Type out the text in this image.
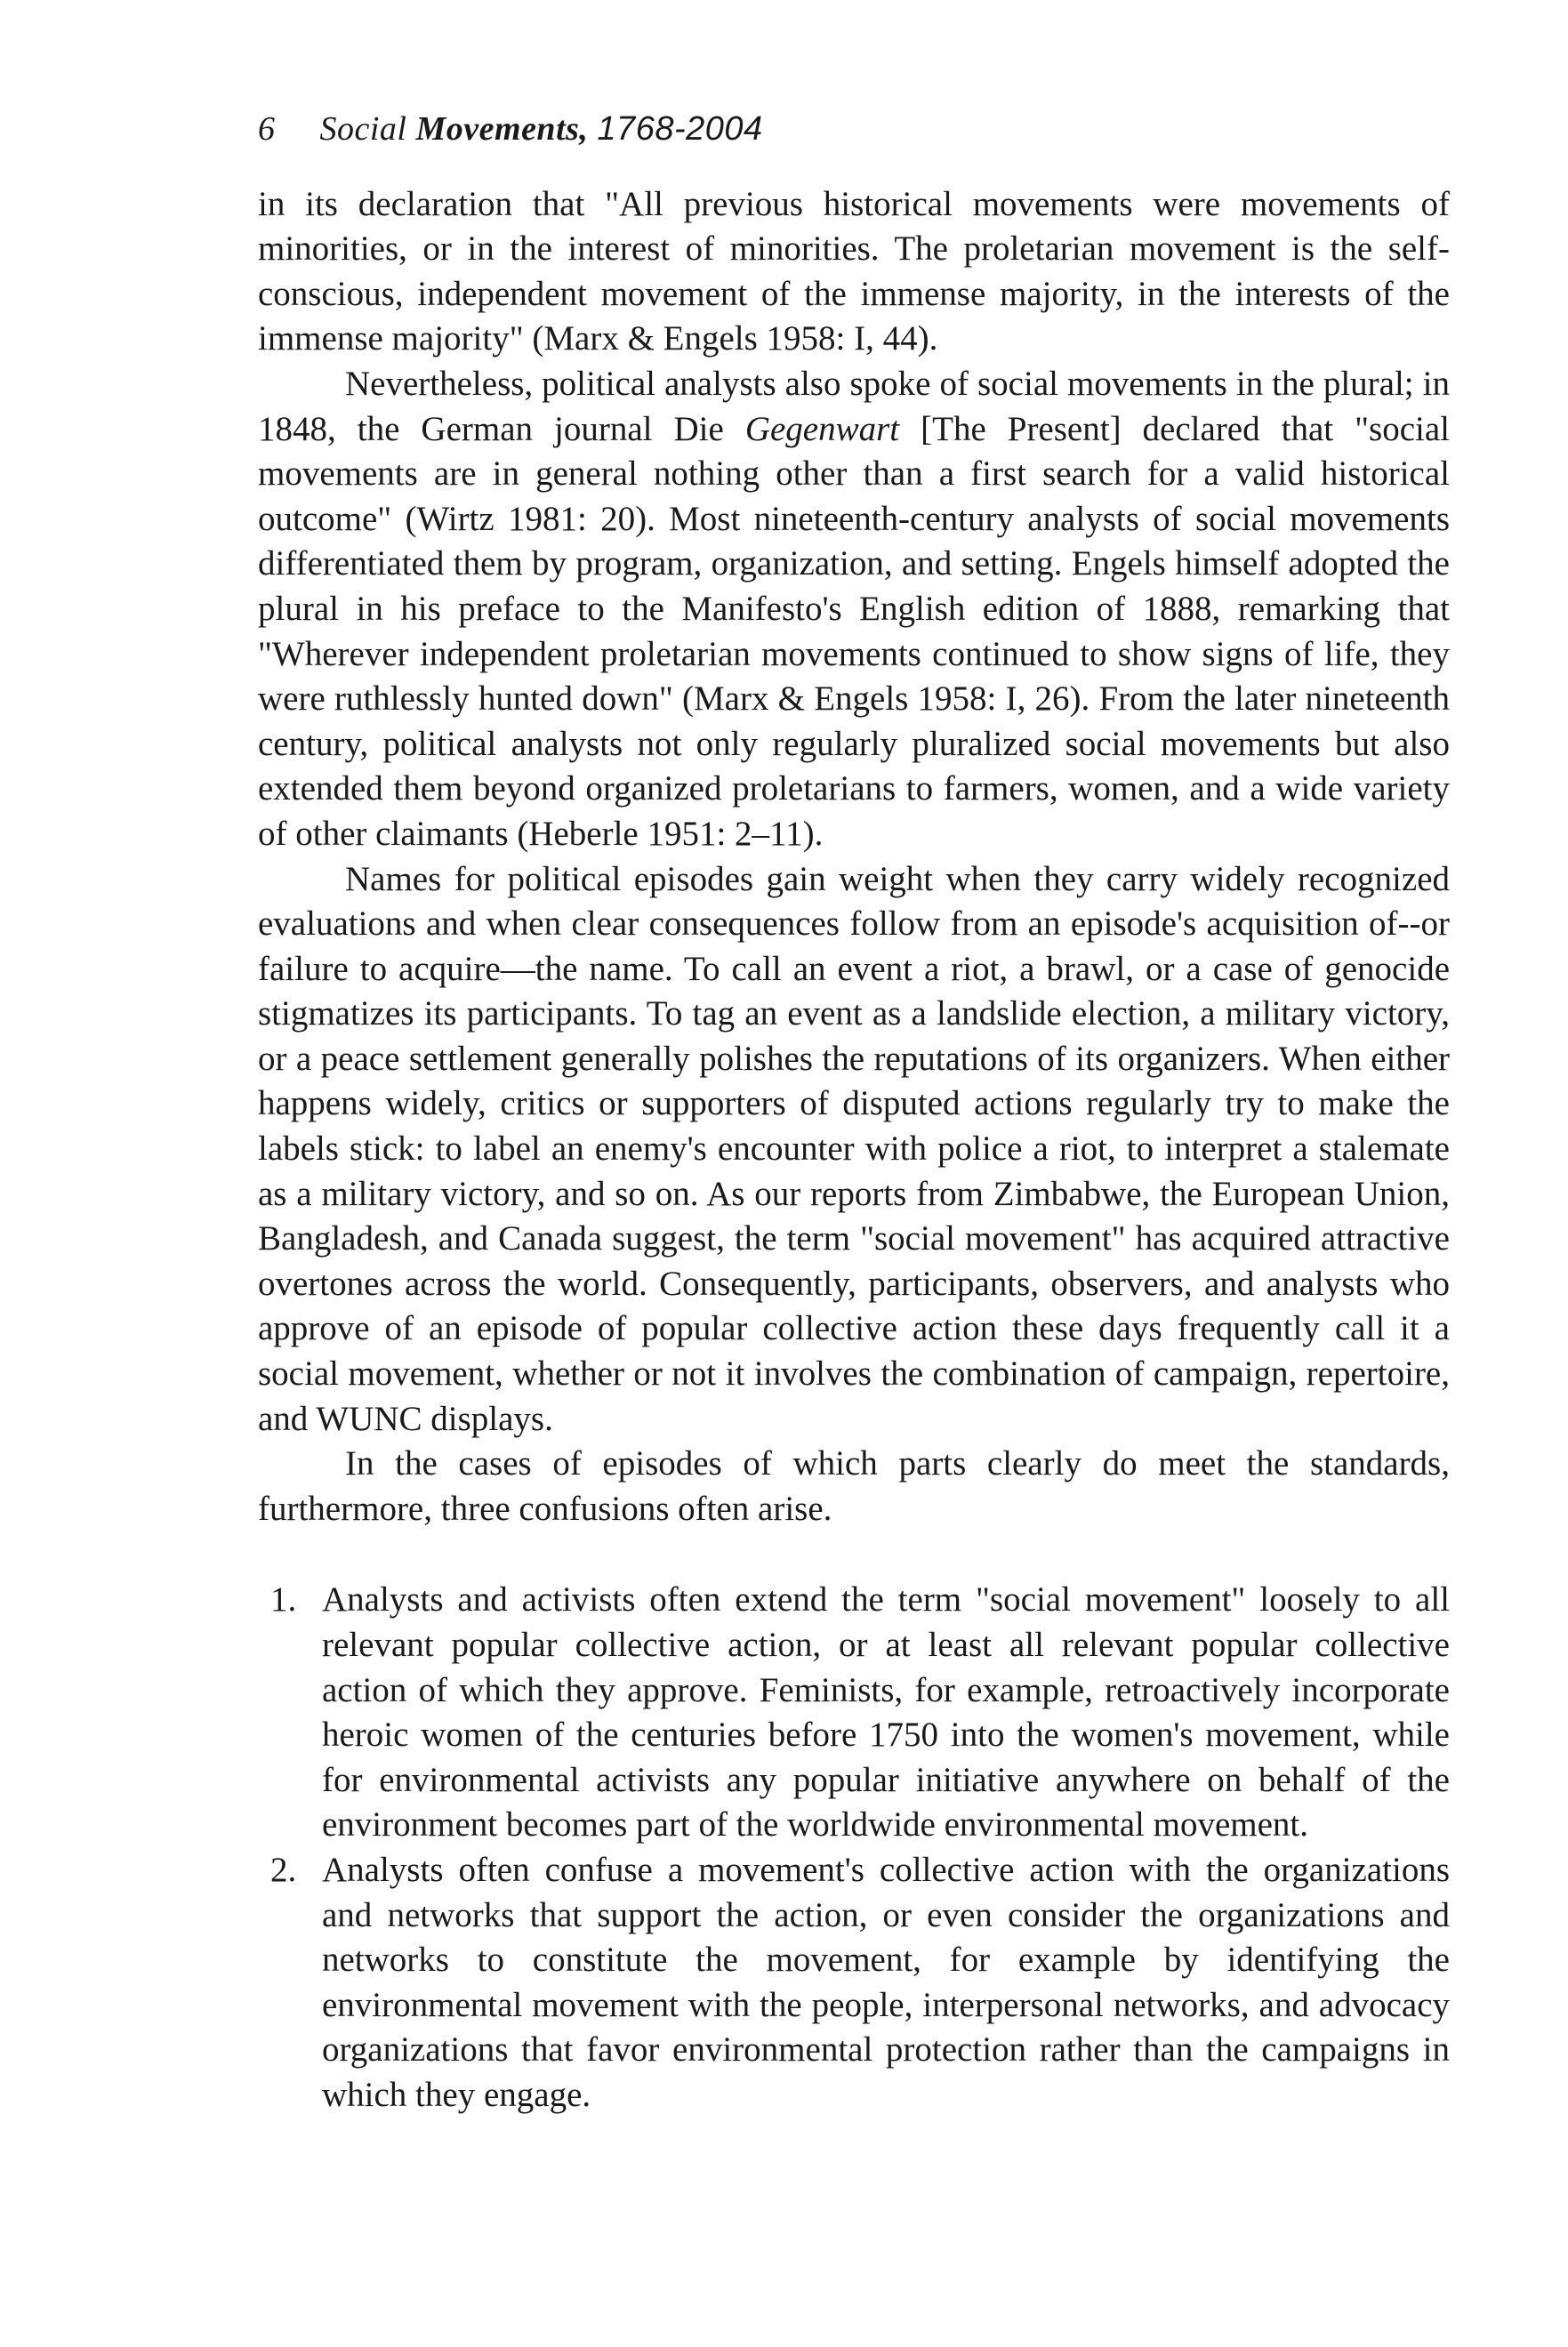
6 Social Movements, 1768-2004

in its declaration that "All previous historical movements were movements of minorities, or in the interest of minorities. The proletarian movement is the self-conscious, independent movement of the immense majority, in the interests of the immense majority" (Marx & Engels 1958: I, 44).

Nevertheless, political analysts also spoke of social movements in the plural; in 1848, the German journal Die Gegenwart [The Present] declared that "social movements are in general nothing other than a first search for a valid historical outcome" (Wirtz 1981: 20). Most nineteenth-century analysts of social movements differentiated them by program, organization, and setting. Engels himself adopted the plural in his preface to the Manifesto's English edition of 1888, remarking that "Wherever independent proletarian movements continued to show signs of life, they were ruthlessly hunted down" (Marx & Engels 1958: I, 26). From the later nineteenth century, political analysts not only regularly pluralized social movements but also extended them beyond organized proletarians to farmers, women, and a wide variety of other claimants (Heberle 1951: 2–11).

Names for political episodes gain weight when they carry widely recognized evaluations and when clear consequences follow from an episode's acquisition of--or failure to acquire—the name. To call an event a riot, a brawl, or a case of genocide stigmatizes its participants. To tag an event as a landslide election, a military victory, or a peace settlement generally polishes the reputations of its organizers. When either happens widely, critics or supporters of disputed actions regularly try to make the labels stick: to label an enemy's encounter with police a riot, to interpret a stalemate as a military victory, and so on. As our reports from Zimbabwe, the European Union, Bangladesh, and Canada suggest, the term "social movement" has acquired attractive overtones across the world. Consequently, participants, observers, and analysts who approve of an episode of popular collective action these days frequently call it a social movement, whether or not it involves the combination of campaign, repertoire, and WUNC displays.

In the cases of episodes of which parts clearly do meet the standards, furthermore, three confusions often arise.

1. Analysts and activists often extend the term "social movement" loosely to all relevant popular collective action, or at least all relevant popular collective action of which they approve. Feminists, for example, retroactively incorporate heroic women of the centuries before 1750 into the women's movement, while for environmental activists any popular initiative anywhere on behalf of the environment becomes part of the worldwide environmental movement.
2. Analysts often confuse a movement's collective action with the organizations and networks that support the action, or even consider the organizations and networks to constitute the movement, for example by identifying the environmental movement with the people, interpersonal networks, and advocacy organizations that favor environmental protection rather than the campaigns in which they engage.
